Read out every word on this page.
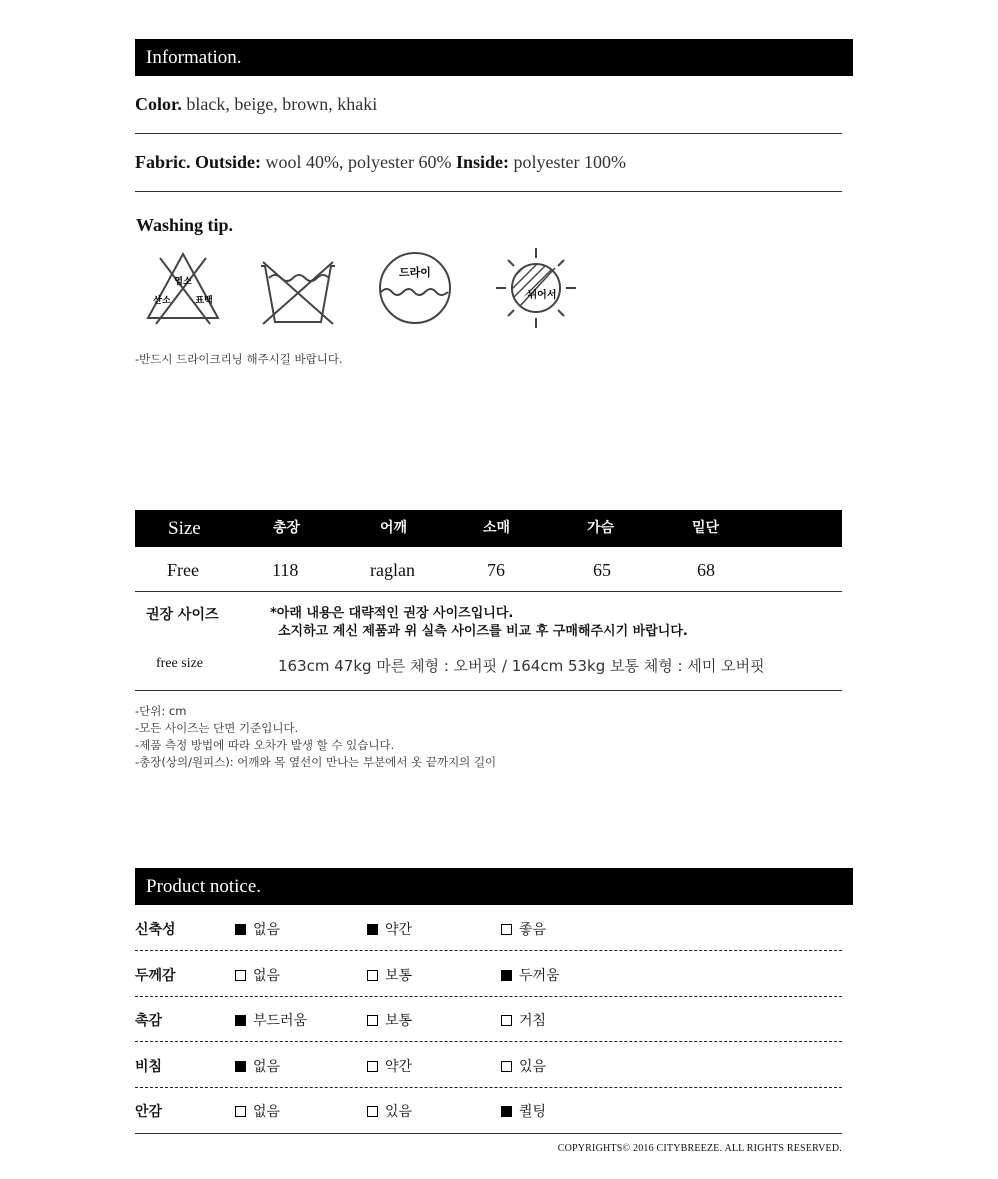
Information.
Color. black, beige, brown, khaki
Fabric. Outside: wool 40%, polyester 60% Inside: polyester 100%
Washing tip.
염소
산소	표백
드라이
뉘어서
-반드시 드라이크리닝 해주시길 바랍니다.
Size	총장	어깨	소매	가슴	밑단
Free	118	raglan	76	65	68
권장 사이즈	*아래 내용은 대략적인 권장 사이즈입니다.
소지하고 계신 제품과 위 실측 사이즈를 비교 후 구매해주시기 바랍니다.
free size	163cm 47kg 마른 체형 : 오버핏 / 164cm 53kg 보통 체형 : 세미 오버핏
-단위: cm
-모든 사이즈는 단면 기준입니다.
-제품 측정 방법에 따라 오차가 발생 할 수 있습니다.
-총장(상의/원피스): 어깨와 목 옆선이 만나는 부분에서 옷 끝까지의 길이
Product notice.
신축성	없음	약간	좋음
두께감	없음	보통	두꺼움
촉감	부드러움	보통	거침
비침	없음	약간	있음
안감	없음	있음	퀼팅
COPYRIGHTS© 2016 CITYBREEZE. ALL RIGHTS RESERVED.
